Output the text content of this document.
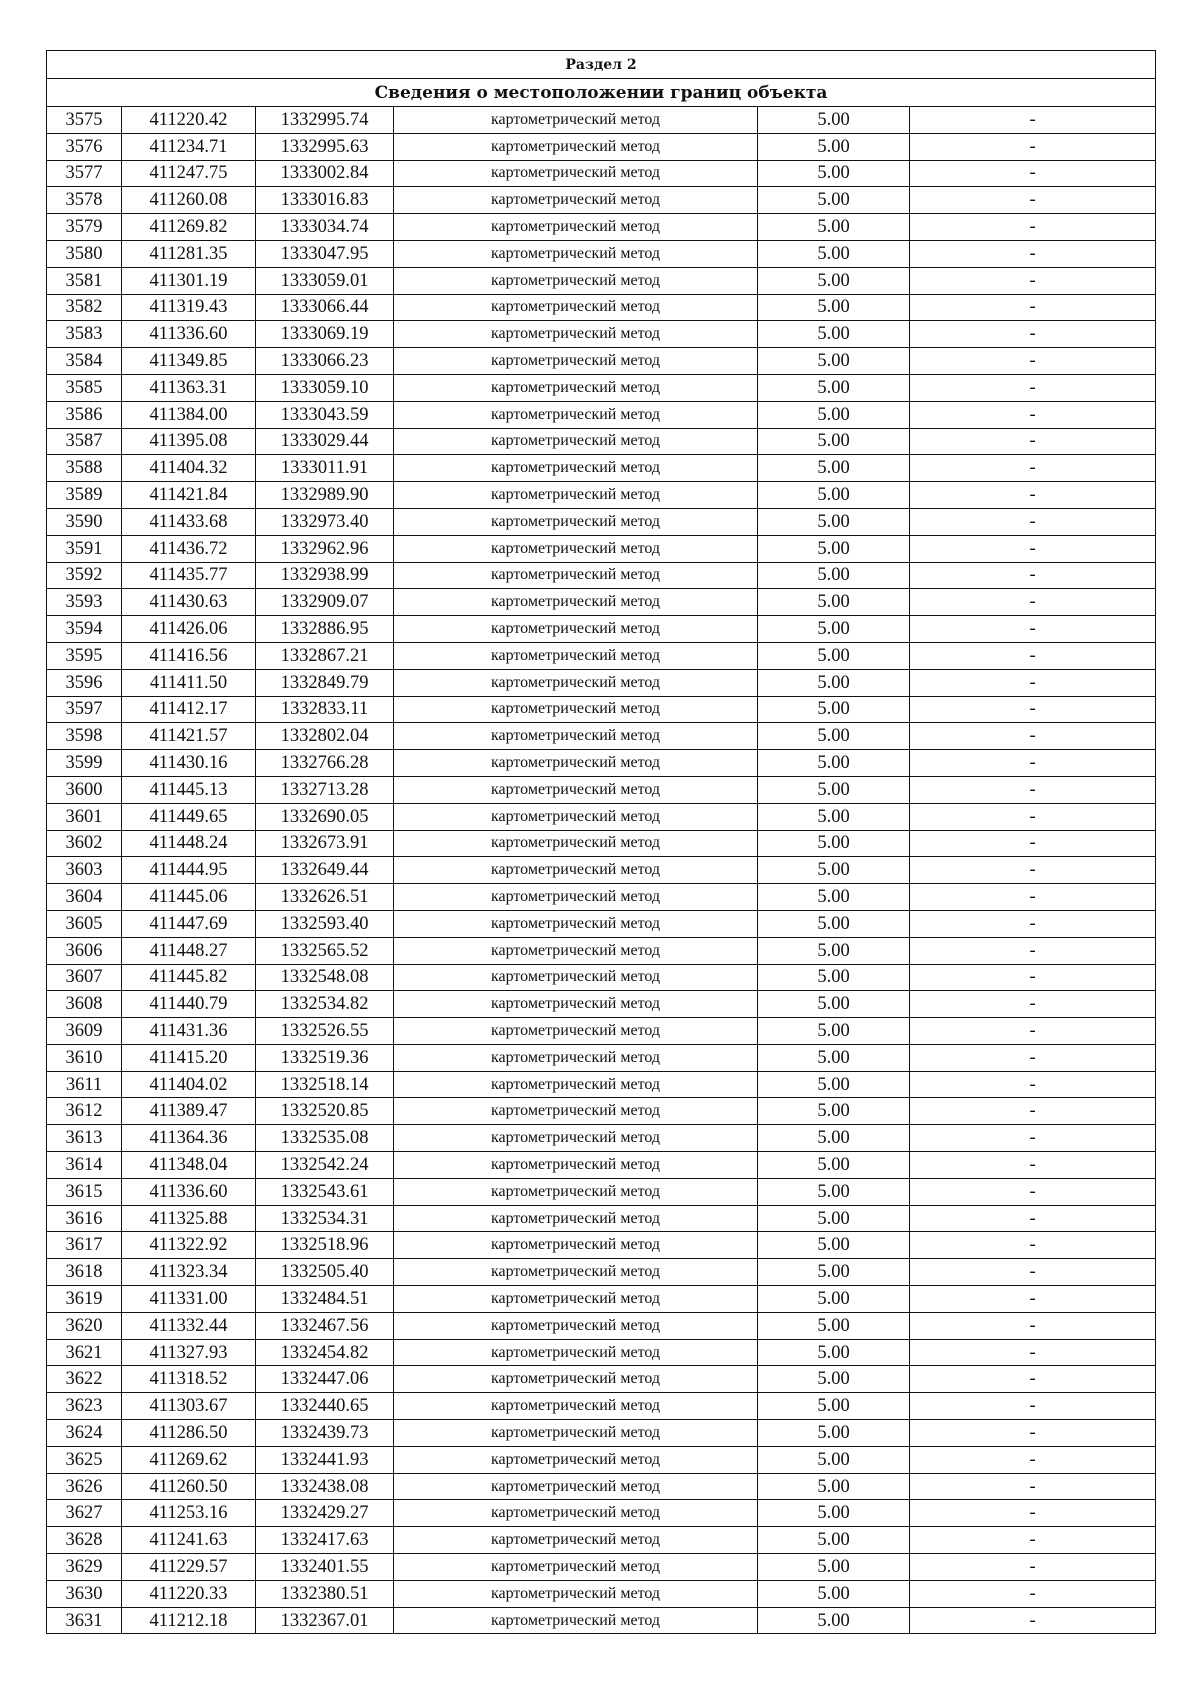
Раздел 2					
Сведения о местоположении границ объекта					
3575	411220.42	1332995.74	картометрический метод	5.00	-
3576	411234.71	1332995.63	картометрический метод	5.00	-
3577	411247.75	1333002.84	картометрический метод	5.00	-
3578	411260.08	1333016.83	картометрический метод	5.00	-
3579	411269.82	1333034.74	картометрический метод	5.00	-
3580	411281.35	1333047.95	картометрический метод	5.00	-
3581	411301.19	1333059.01	картометрический метод	5.00	-
3582	411319.43	1333066.44	картометрический метод	5.00	-
3583	411336.60	1333069.19	картометрический метод	5.00	-
3584	411349.85	1333066.23	картометрический метод	5.00	-
3585	411363.31	1333059.10	картометрический метод	5.00	-
3586	411384.00	1333043.59	картометрический метод	5.00	-
3587	411395.08	1333029.44	картометрический метод	5.00	-
3588	411404.32	1333011.91	картометрический метод	5.00	-
3589	411421.84	1332989.90	картометрический метод	5.00	-
3590	411433.68	1332973.40	картометрический метод	5.00	-
3591	411436.72	1332962.96	картометрический метод	5.00	-
3592	411435.77	1332938.99	картометрический метод	5.00	-
3593	411430.63	1332909.07	картометрический метод	5.00	-
3594	411426.06	1332886.95	картометрический метод	5.00	-
3595	411416.56	1332867.21	картометрический метод	5.00	-
3596	411411.50	1332849.79	картометрический метод	5.00	-
3597	411412.17	1332833.11	картометрический метод	5.00	-
3598	411421.57	1332802.04	картометрический метод	5.00	-
3599	411430.16	1332766.28	картометрический метод	5.00	-
3600	411445.13	1332713.28	картометрический метод	5.00	-
3601	411449.65	1332690.05	картометрический метод	5.00	-
3602	411448.24	1332673.91	картометрический метод	5.00	-
3603	411444.95	1332649.44	картометрический метод	5.00	-
3604	411445.06	1332626.51	картометрический метод	5.00	-
3605	411447.69	1332593.40	картометрический метод	5.00	-
3606	411448.27	1332565.52	картометрический метод	5.00	-
3607	411445.82	1332548.08	картометрический метод	5.00	-
3608	411440.79	1332534.82	картометрический метод	5.00	-
3609	411431.36	1332526.55	картометрический метод	5.00	-
3610	411415.20	1332519.36	картометрический метод	5.00	-
3611	411404.02	1332518.14	картометрический метод	5.00	-
3612	411389.47	1332520.85	картометрический метод	5.00	-
3613	411364.36	1332535.08	картометрический метод	5.00	-
3614	411348.04	1332542.24	картометрический метод	5.00	-
3615	411336.60	1332543.61	картометрический метод	5.00	-
3616	411325.88	1332534.31	картометрический метод	5.00	-
3617	411322.92	1332518.96	картометрический метод	5.00	-
3618	411323.34	1332505.40	картометрический метод	5.00	-
3619	411331.00	1332484.51	картометрический метод	5.00	-
3620	411332.44	1332467.56	картометрический метод	5.00	-
3621	411327.93	1332454.82	картометрический метод	5.00	-
3622	411318.52	1332447.06	картометрический метод	5.00	-
3623	411303.67	1332440.65	картометрический метод	5.00	-
3624	411286.50	1332439.73	картометрический метод	5.00	-
3625	411269.62	1332441.93	картометрический метод	5.00	-
3626	411260.50	1332438.08	картометрический метод	5.00	-
3627	411253.16	1332429.27	картометрический метод	5.00	-
3628	411241.63	1332417.63	картометрический метод	5.00	-
3629	411229.57	1332401.55	картометрический метод	5.00	-
3630	411220.33	1332380.51	картометрический метод	5.00	-
3631	411212.18	1332367.01	картометрический метод	5.00	-
